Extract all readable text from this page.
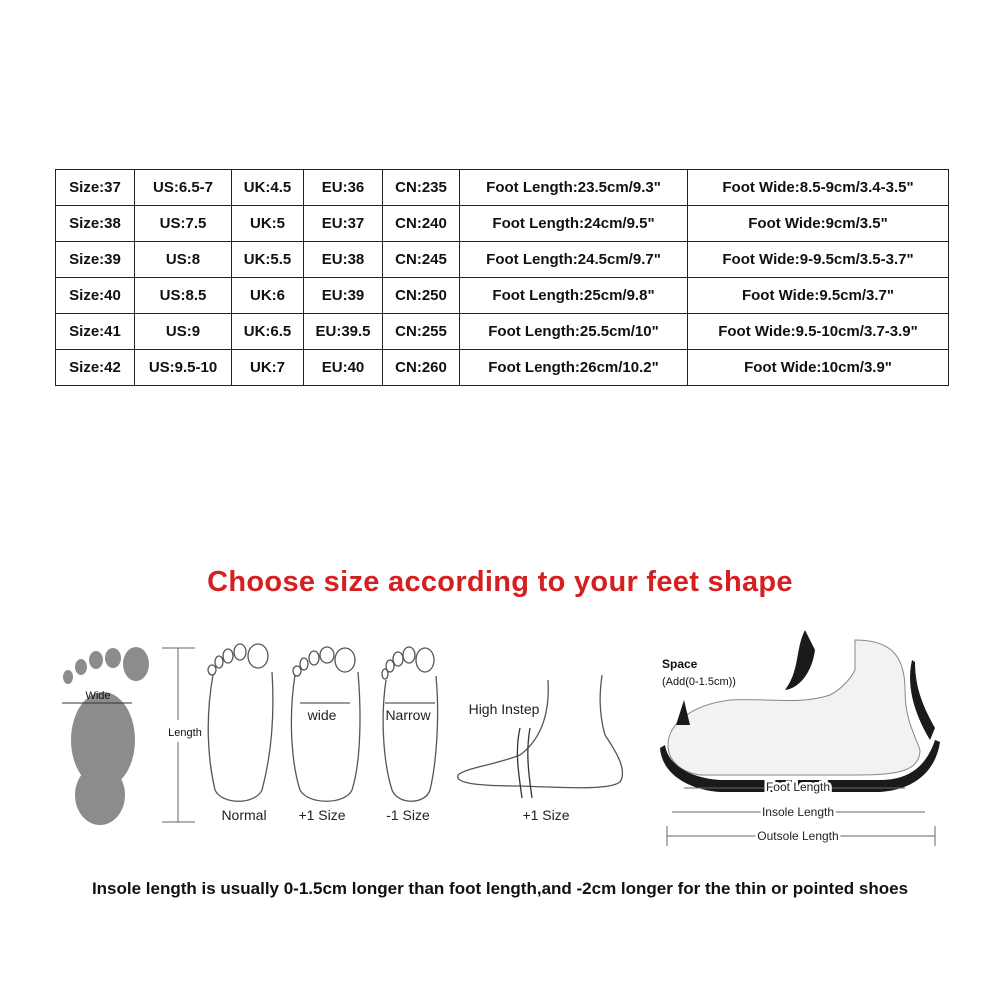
Size:37	US:6.5-7	UK:4.5	EU:36	CN:235	Foot Length:23.5cm/9.3"	Foot Wide:8.5-9cm/3.4-3.5"
Size:38	US:7.5	UK:5	EU:37	CN:240	Foot Length:24cm/9.5"	Foot Wide:9cm/3.5"
Size:39	US:8	UK:5.5	EU:38	CN:245	Foot Length:24.5cm/9.7"	Foot Wide:9-9.5cm/3.5-3.7"
Size:40	US:8.5	UK:6	EU:39	CN:250	Foot Length:25cm/9.8"	Foot Wide:9.5cm/3.7"
Size:41	US:9	UK:6.5	EU:39.5	CN:255	Foot Length:25.5cm/10"	Foot Wide:9.5-10cm/3.7-3.9"
Size:42	US:9.5-10	UK:7	EU:40	CN:260	Foot Length:26cm/10.2"	Foot Wide:10cm/3.9"
Choose size according to your feet shape
Wide
Length
Normal
wide
+1 Size
Narrow
-1 Size
High Instep
+1 Size
Space
(Add(0-1.5cm))
Foot Length
Insole Length
Outsole Length
Insole length is usually 0-1.5cm longer than foot length,and -2cm longer for the thin or pointed shoes
